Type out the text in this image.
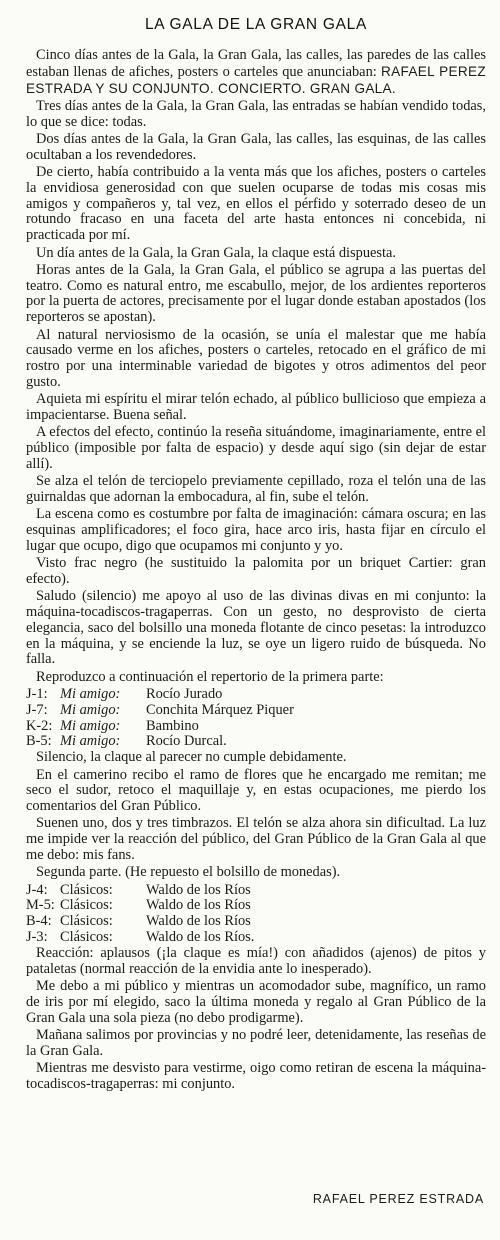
LA GALA DE LA GRAN GALA

Cinco días antes de la Gala, la Gran Gala, las calles, las paredes de las calles estaban llenas de afiches, posters o carteles que anunciaban: RAFAEL PEREZ ESTRADA Y SU CONJUNTO. CONCIERTO. GRAN GALA.

Tres días antes de la Gala, la Gran Gala, las entradas se habían vendido todas, lo que se dice: todas.

Dos días antes de la Gala, la Gran Gala, las calles, las esquinas, de las calles ocultaban a los revendedores.

De cierto, había contribuido a la venta más que los afiches, posters o carteles la envidiosa generosidad con que suelen ocuparse de todas mis cosas mis amigos y compañeros y, tal vez, en ellos el pérfido y soterrado deseo de un rotundo fracaso en una faceta del arte hasta entonces ni concebida, ni practicada por mí.

Un día antes de la Gala, la Gran Gala, la claque está dispuesta.

Horas antes de la Gala, la Gran Gala, el público se agrupa a las puertas del teatro. Como es natural entro, me escabullo, mejor, de los ardientes reporteros por la puerta de actores, precisamente por el lugar donde estaban apostados (los reporteros se apostan).

Al natural nerviosismo de la ocasión, se unía el malestar que me había causado verme en los afiches, posters o carteles, retocado en el gráfico de mi rostro por una interminable variedad de bigotes y otros adimentos del peor gusto.

Aquieta mi espíritu el mirar telón echado, al público bullicioso que empieza a impacientarse. Buena señal.

A efectos del efecto, continúo la reseña situándome, imaginariamente, entre el público (imposible por falta de espacio) y desde aquí sigo (sin dejar de estar allí).

Se alza el telón de terciopelo previamente cepillado, roza el telón una de las guirnaldas que adornan la embocadura, al fin, sube el telón.

La escena como es costumbre por falta de imaginación: cámara oscura; en las esquinas amplificadores; el foco gira, hace arco iris, hasta fijar en círculo el lugar que ocupo, digo que ocupamos mi conjunto y yo.

Visto frac negro (he sustituido la palomita por un briquet Cartier: gran efecto).

Saludo (silencio) me apoyo al uso de las divinas divas en mi conjunto: la máquina-tocadiscos-tragaperras. Con un gesto, no desprovisto de cierta elegancia, saco del bolsillo una moneda flotante de cinco pesetas: la introduzco en la máquina, y se enciende la luz, se oye un ligero ruido de búsqueda. No falla.

Reproduzco a continuación el repertorio de la primera parte:

J-1: Mi amigo: Rocío Jurado
J-7: Mi amigo: Conchita Márquez Piquer
K-2: Mi amigo: Bambino
B-5: Mi amigo: Rocío Durcal.

Silencio, la claque al parecer no cumple debidamente.

En el camerino recibo el ramo de flores que he encargado me remitan; me seco el sudor, retoco el maquillaje y, en estas ocupaciones, me pierdo los comentarios del Gran Público.

Suenen uno, dos y tres timbrazos. El telón se alza ahora sin dificultad. La luz me impide ver la reacción del público, del Gran Público de la Gran Gala al que me debo: mis fans.

Segunda parte. (He repuesto el bolsillo de monedas).

J-4: Clásicos: Waldo de los Ríos
M-5: Clásicos: Waldo de los Ríos
B-4: Clásicos: Waldo de los Ríos
J-3: Clásicos: Waldo de los Ríos.

Reacción: aplausos (¡la claque es mía!) con añadidos (ajenos) de pitos y pataletas (normal reacción de la envidia ante lo inesperado).

Me debo a mi público y mientras un acomodador sube, magnífico, un ramo de iris por mí elegido, saco la última moneda y regalo al Gran Público de la Gran Gala una sola pieza (no debo prodigarme).

Mañana salimos por provincias y no podré leer, detenidamente, las reseñas de la Gran Gala.

Mientras me desvisto para vestirme, oigo como retiran de escena la máquina-tocadiscos-tragaperras: mi conjunto.

RAFAEL PEREZ ESTRADA
